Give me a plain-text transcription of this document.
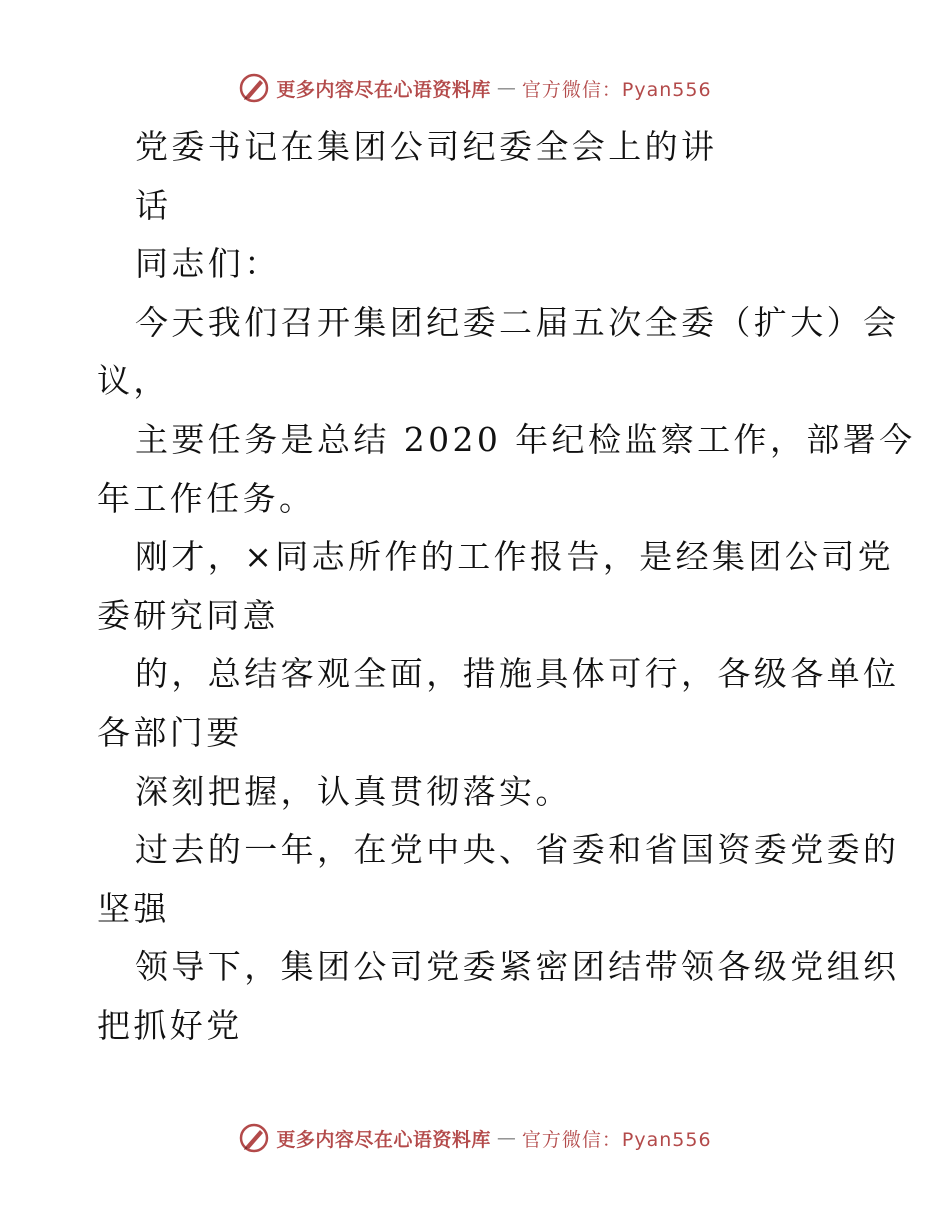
更多内容尽在心语资料库 — 官方微信：Pyan556
党委书记在集团公司纪委全会上的讲
话
同志们：
今天我们召开集团纪委二届五次全委（扩大）会
议，
主要任务是总结 2020 年纪检监察工作，部署今
年工作任务。
刚才，×同志所作的工作报告，是经集团公司党
委研究同意
的，总结客观全面，措施具体可行，各级各单位
各部门要
深刻把握，认真贯彻落实。
过去的一年，在党中央、省委和省国资委党委的
坚强
领导下，集团公司党委紧密团结带领各级党组织
把抓好党
更多内容尽在心语资料库 — 官方微信：Pyan556
